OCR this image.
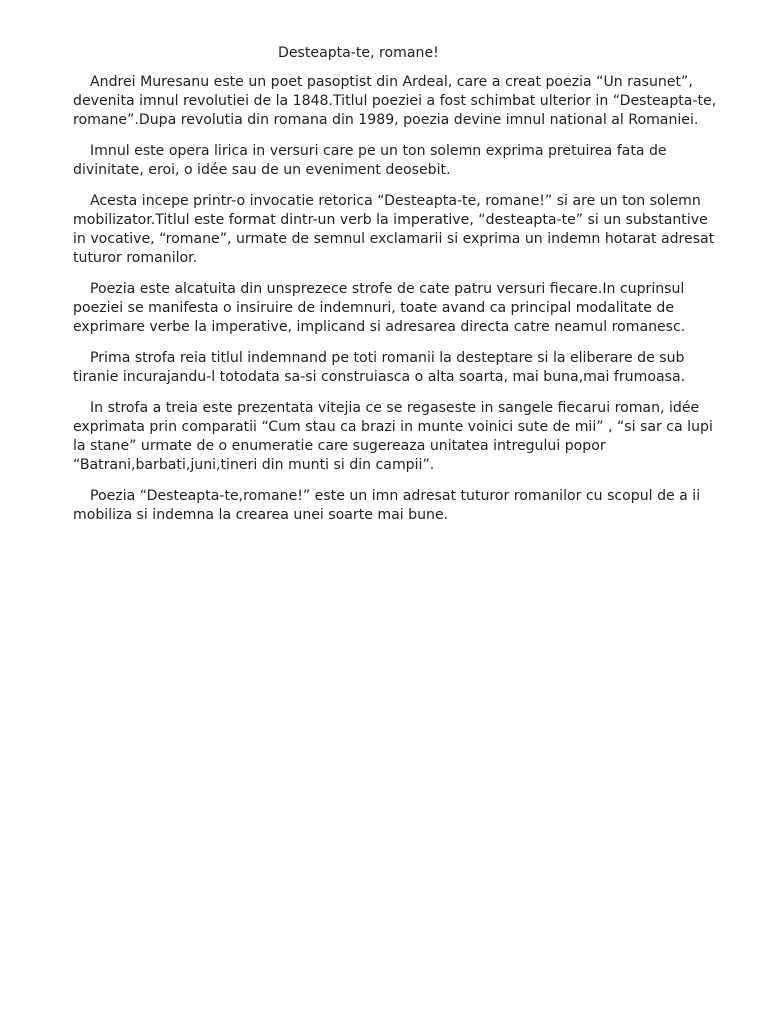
Desteapta-te, romane!

Andrei Muresanu este un poet pasoptist din Ardeal, care a creat poezia “Un rasunet”, devenita imnul revolutiei de la 1848.Titlul poeziei a fost schimbat ulterior in “Desteapta-te, romane”.Dupa revolutia din romana din 1989, poezia devine imnul national al Romaniei.

Imnul este opera lirica in versuri care pe un ton solemn exprima pretuirea fata de divinitate, eroi, o idée sau de un eveniment deosebit.

Acesta incepe printr-o invocatie retorica “Desteapta-te, romane!” si are un ton solemn mobilizator.Titlul este format dintr-un verb la imperative, “desteapta-te” si un substantive in vocative, “romane”, urmate de semnul exclamarii si exprima un indemn hotarat adresat tuturor romanilor.

Poezia este alcatuita din unsprezece strofe de cate patru versuri fiecare.In cuprinsul poeziei se manifesta o insiruire de indemnuri, toate avand ca principal modalitate de exprimare verbe la imperative, implicand si adresarea directa catre neamul romanesc.

Prima strofa reia titlul indemnand pe toti romanii la desteptare si la eliberare de sub tiranie incurajandu-l totodata sa-si construiasca o alta soarta, mai buna,mai frumoasa.

In strofa a treia este prezentata vitejia ce se regaseste in sangele fiecarui roman, idée exprimata prin comparatii “Cum stau ca brazi in munte voinici sute de mii” , “si sar ca lupi la stane” urmate de o enumeratie care sugereaza unitatea intregului popor “Batrani,barbati,juni,tineri din munti si din campii”.

Poezia “Desteapta-te,romane!” este un imn adresat tuturor romanilor cu scopul de a ii mobiliza si indemna la crearea unei soarte mai bune.
